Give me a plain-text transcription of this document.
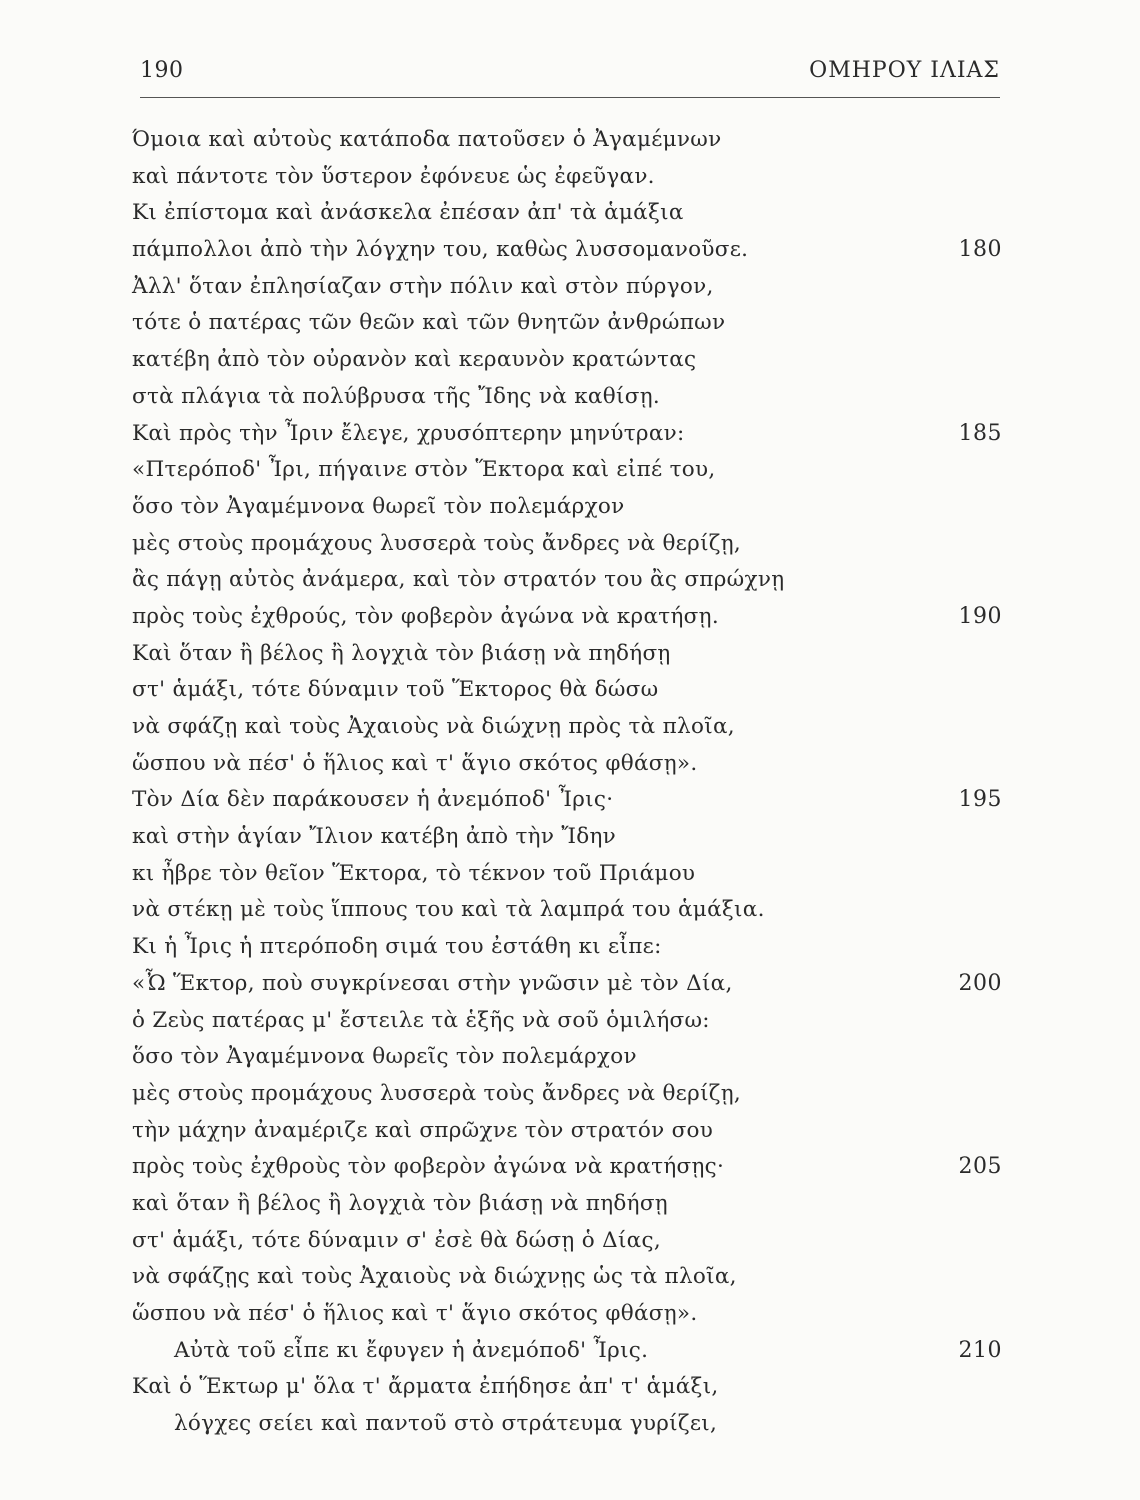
190	ΟΜΗΡΟΥ ΙΛΙΑΣ
Όμοια καὶ αὐτοὺς κατάποδα πατοῦσεν ὁ Ἀγαμέμνων
καὶ πάντοτε τὸν ὕστερον ἐφόνευε ὡς ἐφεῦγαν.
Κι ἐπίστομα καὶ ἀνάσκελα ἐπέσαν ἀπ' τὰ ἁμάξια
πάμπολλοι ἀπὸ τὴν λόγχην του, καθὼς λυσσομανοῦσε.	180
Ἀλλ' ὅταν ἐπλησίαζαν στὴν πόλιν καὶ στὸν πύργον,
τότε ὁ πατέρας τῶν θεῶν καὶ τῶν θνητῶν ἀνθρώπων
κατέβη ἀπὸ τὸν οὐρανὸν καὶ κεραυνὸν κρατώντας
στὰ πλάγια τὰ πολύβρυσα τῆς Ἴδης νὰ καθίσῃ.
Καὶ πρὸς τὴν Ἶριν ἔλεγε, χρυσόπτερην μηνύτραν:	185
«Πτερόποδ' Ἶρι, πήγαινε στὸν Ἕκτορα καὶ εἰπέ του,
ὅσο τὸν Ἀγαμέμνονα θωρεῖ τὸν πολεμάρχον
μὲς στοὺς προμάχους λυσσερὰ τοὺς ἄνδρες νὰ θερίζῃ,
ἂς πάγῃ αὐτὸς ἀνάμερα, καὶ τὸν στρατόν του ἂς σπρώχνῃ
πρὸς τοὺς ἐχθρούς, τὸν φοβερὸν ἀγώνα νὰ κρατήσῃ.	190
Καὶ ὅταν ἢ βέλος ἢ λογχιὰ τὸν βιάσῃ νὰ πηδήσῃ
στ' ἁμάξι, τότε δύναμιν τοῦ Ἕκτορος θὰ δώσω
νὰ σφάζῃ καὶ τοὺς Ἀχαιοὺς νὰ διώχνῃ πρὸς τὰ πλοῖα,
ὥσπου νὰ πέσ' ὁ ἥλιος καὶ τ' ἅγιο σκότος φθάσῃ».
Τὸν Δία δὲν παράκουσεν ἡ ἀνεμόποδ' Ἶρις·	195
καὶ στὴν ἁγίαν Ἴλιον κατέβη ἀπὸ τὴν Ἴδην
κι ἦβρε τὸν θεῖον Ἕκτορα, τὸ τέκνον τοῦ Πριάμου
νὰ στέκῃ μὲ τοὺς ἵππους του καὶ τὰ λαμπρά του ἁμάξια.
Κι ἡ Ἶρις ἡ πτερόποδη σιμά του ἐστάθη κι εἶπε:
«Ὦ Ἕκτορ, ποὺ συγκρίνεσαι στὴν γνῶσιν μὲ τὸν Δία,	200
ὁ Ζεὺς πατέρας μ' ἔστειλε τὰ ἑξῆς νὰ σοῦ ὁμιλήσω:
ὅσο τὸν Ἀγαμέμνονα θωρεῖς τὸν πολεμάρχον
μὲς στοὺς προμάχους λυσσερὰ τοὺς ἄνδρες νὰ θερίζῃ,
τὴν μάχην ἀναμέριζε καὶ σπρῶχνε τὸν στρατόν σου
πρὸς τοὺς ἐχθροὺς τὸν φοβερὸν ἀγώνα νὰ κρατήσῃς·	205
καὶ ὅταν ἢ βέλος ἢ λογχιὰ τὸν βιάσῃ νὰ πηδήσῃ
στ' ἁμάξι, τότε δύναμιν σ' ἐσὲ θὰ δώσῃ ὁ Δίας,
νὰ σφάζῃς καὶ τοὺς Ἀχαιοὺς νὰ διώχνῃς ὡς τὰ πλοῖα,
ὥσπου νὰ πέσ' ὁ ἥλιος καὶ τ' ἅγιο σκότος φθάσῃ».
Αὐτὰ τοῦ εἶπε κι ἔφυγεν ἡ ἀνεμόποδ' Ἶρις.	210
Καὶ ὁ Ἕκτωρ μ' ὅλα τ' ἄρματα ἐπήδησε ἀπ' τ' ἁμάξι,
λόγχες σείει καὶ παντοῦ στὸ στράτευμα γυρίζει,
